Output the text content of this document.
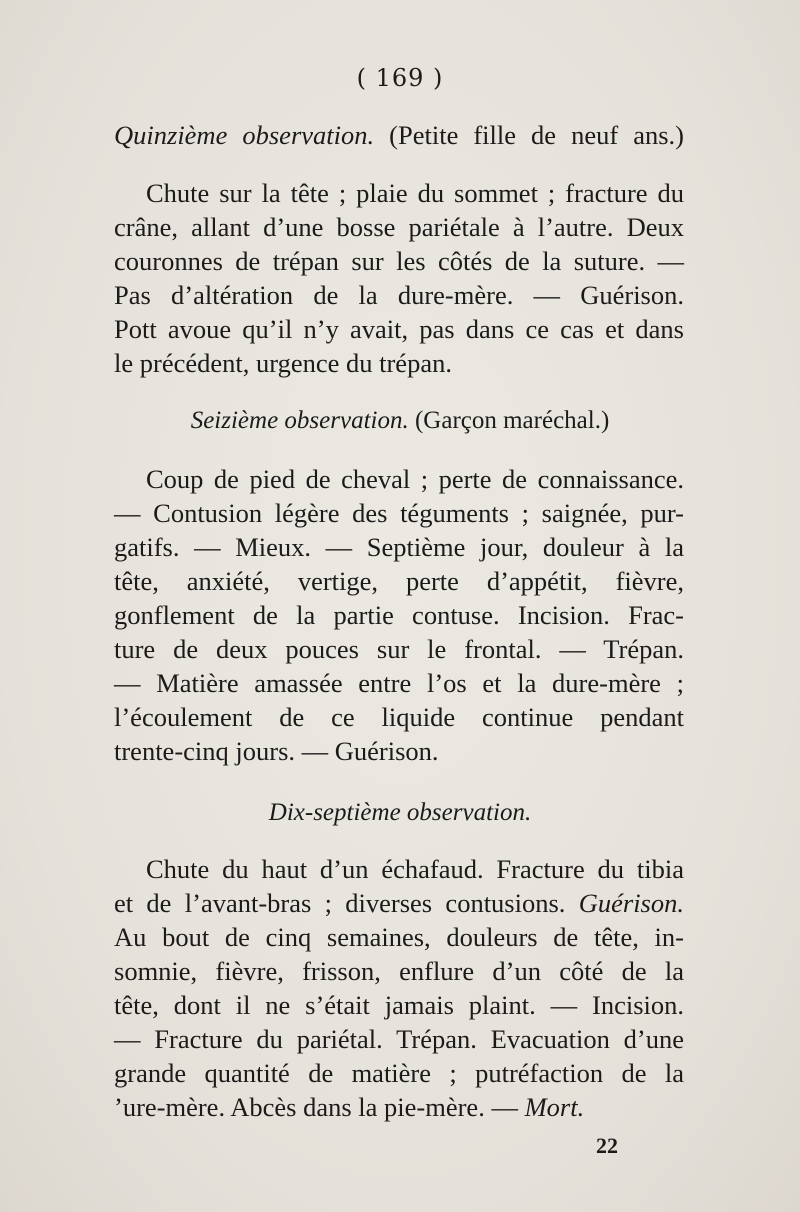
( 169 )
Quinzième observation. (Petite fille de neuf ans.)
Chute sur la tête ; plaie du sommet ; fracture du
crâne, allant d’une bosse pariétale à l’autre. Deux
couronnes de trépan sur les côtés de la suture. —
Pas d’altération de la dure-mère. — Guérison.
Pott avoue qu’il n’y avait, pas dans ce cas et dans
le précédent, urgence du trépan.
Seizième observation. (Garçon maréchal.)
Coup de pied de cheval ; perte de connaissance.
— Contusion légère des téguments ; saignée, pur-
gatifs. — Mieux. — Septième jour, douleur à la
tête, anxiété, vertige, perte d’appétit, fièvre,
gonflement de la partie contuse. Incision. Frac-
ture de deux pouces sur le frontal. — Trépan.
— Matière amassée entre l’os et la dure-mère ;
l’écoulement de ce liquide continue pendant
trente-cinq jours. — Guérison.
Dix-septième observation.
Chute du haut d’un échafaud. Fracture du tibia
et de l’avant-bras ; diverses contusions. Guérison.
Au bout de cinq semaines, douleurs de tête, in-
somnie, fièvre, frisson, enflure d’un côté de la
tête, dont il ne s’était jamais plaint. — Incision.
— Fracture du pariétal. Trépan. Evacuation d’une
grande quantité de matière ; putréfaction de la
’ure-mère. Abcès dans la pie-mère. — Mort.
22
